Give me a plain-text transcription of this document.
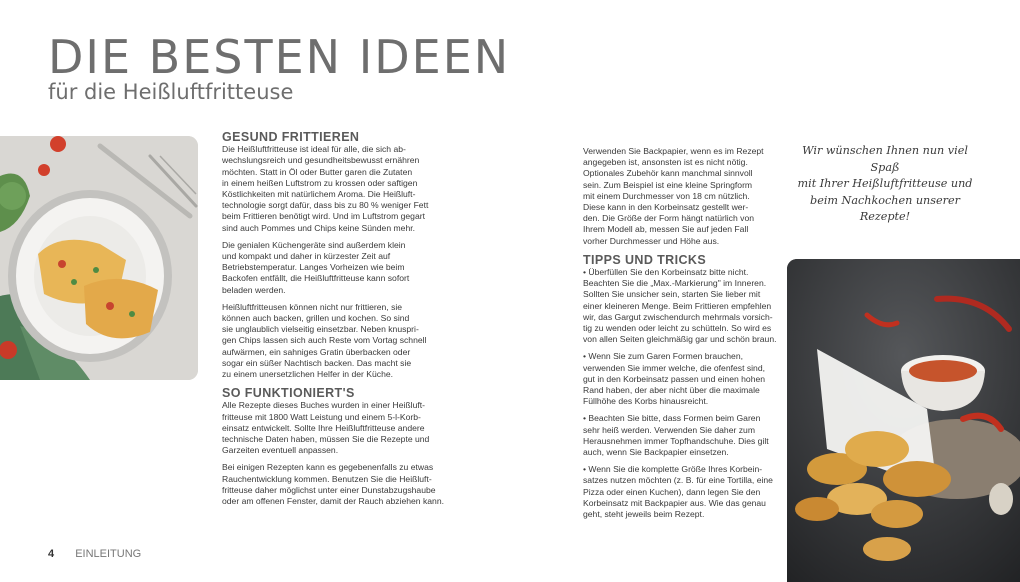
DIE BESTEN IDEEN
für die Heißluftfritteuse
GESUND FRITTIEREN

Die Heißluftfritteuse ist ideal für alle, die sich ab-
wechslungsreich und gesundheitsbewusst ernähren
möchten. Statt in Öl oder Butter garen die Zutaten
in einem heißen Luftstrom zu krossen oder saftigen
Köstlichkeiten mit natürlichem Aroma. Die Heißluft-
technologie sorgt dafür, dass bis zu 80 % weniger Fett
beim Frittieren benötigt wird. Und im Luftstrom gegart
sind auch Pommes und Chips keine Sünden mehr.

Die genialen Küchengeräte sind außerdem klein
und kompakt und daher in kürzester Zeit auf
Betriebstemperatur. Langes Vorheizen wie beim
Backofen entfällt, die Heißluftfritteuse kann sofort
beladen werden.

Heißluftfritteusen können nicht nur frittieren, sie
können auch backen, grillen und kochen. So sind
sie unglaublich vielseitig einsetzbar. Neben knuspri-
gen Chips lassen sich auch Reste vom Vortag schnell
aufwärmen, ein sahniges Gratin überbacken oder
sogar ein süßer Nachtisch backen. Das macht sie
zu einem unersetzlichen Helfer in der Küche.

SO FUNKTIONIERT'S

Alle Rezepte dieses Buches wurden in einer Heißluft-
fritteuse mit 1800 Watt Leistung und einem 5-l-Korb-
einsatz entwickelt. Sollte Ihre Heißluftfritteuse andere
technische Daten haben, müssen Sie die Rezepte und
Garzeiten eventuell anpassen.

Bei einigen Rezepten kann es gegebenenfalls zu etwas
Rauchentwicklung kommen. Benutzen Sie die Heißluft-
fritteuse daher möglichst unter einer Dunstabzugshaube
oder am offenen Fenster, damit der Rauch abziehen kann.

Verwenden Sie Backpapier, wenn es im Rezept
angegeben ist, ansonsten ist es nicht nötig.
Optionales Zubehör kann manchmal sinnvoll
sein. Zum Beispiel ist eine kleine Springform
mit einem Durchmesser von 18 cm nützlich.
Diese kann in den Korbeinsatz gestellt wer-
den. Die Größe der Form hängt natürlich von
Ihrem Modell ab, messen Sie auf jeden Fall
vorher Durchmesser und Höhe aus.

TIPPS UND TRICKS

• Überfüllen Sie den Korbeinsatz bitte nicht.
Beachten Sie die „Max.-Markierung" im Inneren.
Sollten Sie unsicher sein, starten Sie lieber mit
einer kleineren Menge. Beim Frittieren empfehlen
wir, das Gargut zwischendurch mehrmals vorsich-
tig zu wenden oder leicht zu schütteln. So wird es
von allen Seiten gleichmäßig gar und schön braun.

• Wenn Sie zum Garen Formen brauchen,
verwenden Sie immer welche, die ofenfest sind,
gut in den Korbeinsatz passen und einen hohen
Rand haben, der aber nicht über die maximale
Füllhöhe des Korbs hinausreicht.

• Beachten Sie bitte, dass Formen beim Garen
sehr heiß werden. Verwenden Sie daher zum
Herausnehmen immer Topfhandschuhe. Dies gilt
auch, wenn Sie Backpapier einsetzen.

• Wenn Sie die komplette Größe Ihres Korbein-
satzes nutzen möchten (z. B. für eine Tortilla, eine
Pizza oder einen Kuchen), dann legen Sie den
Korbeinsatz mit Backpapier aus. Wie das genau
geht, steht jeweils beim Rezept.

Wir wünschen Ihnen nun viel Spaß
mit Ihrer Heißluftfritteuse und
beim Nachkochen unserer Rezepte!
4 EINLEITUNG
